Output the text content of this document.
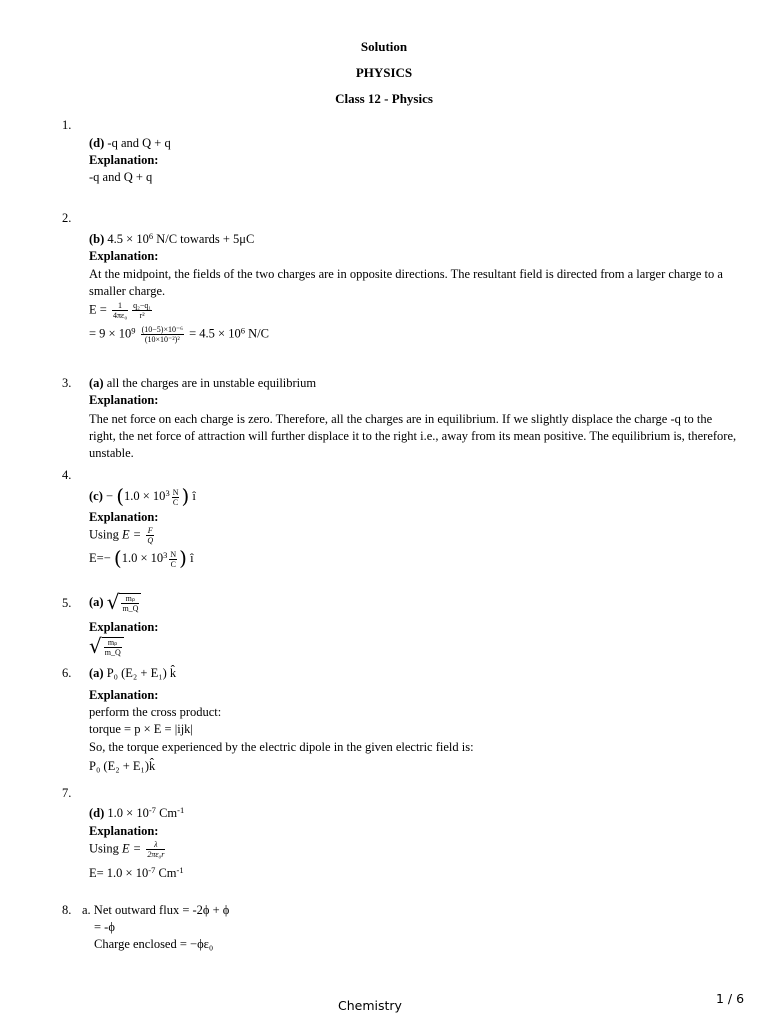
Solution
PHYSICS
Class 12 - Physics
1.
(d) -q and Q + q
Explanation:
-q and Q + q
2.
(b) $4.5 \times 10^6$ N/C towards + 5μC
Explanation:
At the midpoint, the fields of the two charges are in opposite directions. The resultant field is directed from a larger charge to a smaller charge.
$E = \frac{1}{\text{4πε₀}} \frac{\text{q₂−q₁}}{\text{r²}}$
= $9 \times 10^9 \frac{\text{(10−5)×10⁻⁶}}{\text{(10×10⁻²)²}} = 4.5 \times 10^6$ N/C
3. (a) all the charges are in unstable equilibrium
Explanation:
The net force on each charge is zero. Therefore, all the charges are in equilibrium. If we slightly displace the charge -q to the right, the net force of attraction will further displace it to the right i.e., away from its mean positive. The equilibrium is, therefore, unstable.
4.
$(c) - (1.0 \times 10^3 \frac{N}{C}$ ) î
Explanation:
Using $E = \frac{F}{Q}$
$E=- (1.0 \times 10^3 \frac{N}{C}$ ) î
5. (a) √ $\frac{\text{mₚ}}{m\_Q}$
Explanation:
√ $\frac{\text{mₚ}}{m\_Q}$
6. (a) P₀ (E₂ + E₁) k̂
Explanation:
perform the cross product:
torque = p × E = |ijk|
So, the torque experienced by the electric dipole in the given electric field is:
P₀ (E₂ + E₁)k̂
7.
(d) $1.0 \times 10^{-7}$ $Cm^{-1}$
Explanation:
Using $E = \frac{\lambda}{\text{2πε₀r}}$
$E= 1.0 \times 10^{-7}$ $Cm^{-1}$
8. a. Net outward flux = -2ϕ + ϕ
= -ϕ
Charge enclosed = −ϕε₀
Chemistry	1 / 6
